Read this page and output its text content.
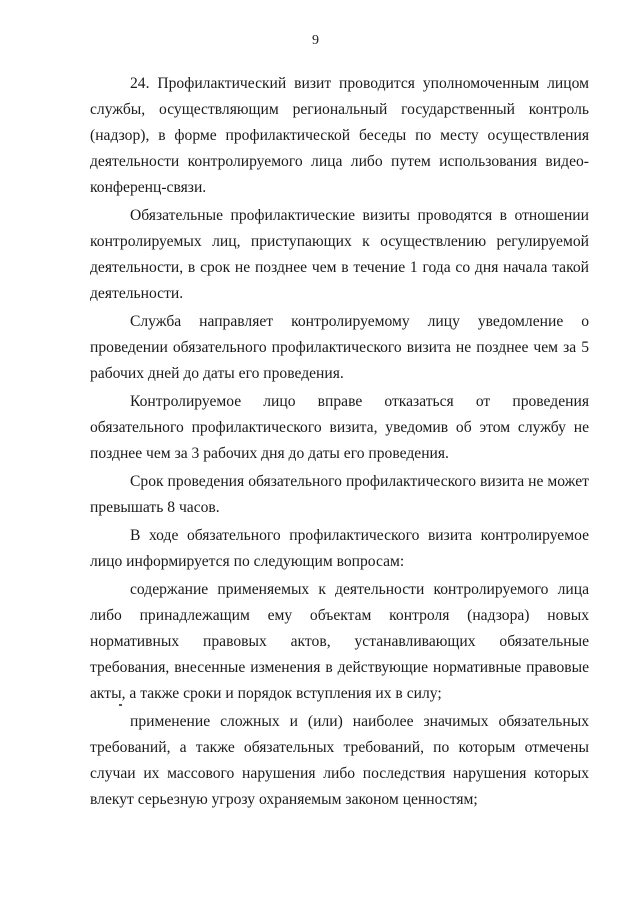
9

24. Профилактический визит проводится уполномоченным лицом службы, осуществляющим региональный государственный контроль (надзор), в форме профилактической беседы по месту осуществления деятельности контролируемого лица либо путем использования видео-конференц-связи.

Обязательные профилактические визиты проводятся в отношении контролируемых лиц, приступающих к осуществлению регулируемой деятельности, в срок не позднее чем в течение 1 года со дня начала такой деятельности.

Служба направляет контролируемому лицу уведомление о проведении обязательного профилактического визита не позднее чем за 5 рабочих дней до даты его проведения.

Контролируемое лицо вправе отказаться от проведения обязательного профилактического визита, уведомив об этом службу не позднее чем за 3 рабочих дня до даты его проведения.

Срок проведения обязательного профилактического визита не может превышать 8 часов.

В ходе обязательного профилактического визита контролируемое лицо информируется по следующим вопросам:

содержание применяемых к деятельности контролируемого лица либо принадлежащим ему объектам контроля (надзора) новых нормативных правовых актов, устанавливающих обязательные требования, внесенные изменения в действующие нормативные правовые акты, а также сроки и порядок вступления их в силу;

применение сложных и (или) наиболее значимых обязательных требований, а также обязательных требований, по которым отмечены случаи их массового нарушения либо последствия нарушения которых влекут серьезную угрозу охраняемым законом ценностям;
